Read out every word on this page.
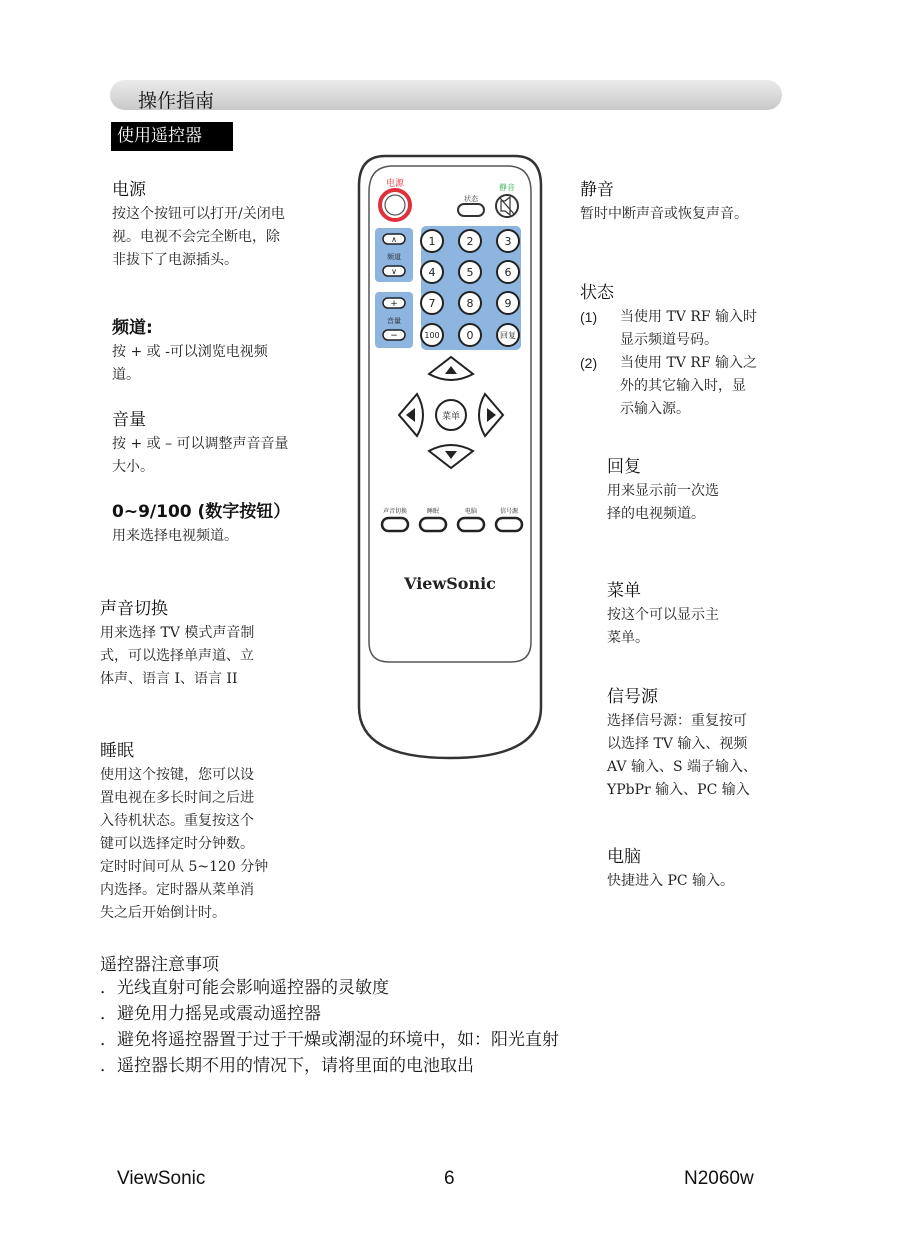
操作指南
使用遥控器
电源
按这个按钮可以打开/关闭电
视。电视不会完全断电，除
非拔下了电源插头。
频道:
按 + 或 -可以浏览电视频
道。
音量
按 + 或 – 可以调整声音音量
大小。
0~9/100 (数字按钮）
用来选择电视频道。
声音切换
用来选择 TV 模式声音制
式，可以选择单声道、立
体声、语言 I、语言 II
睡眠
使用这个按键，您可以设
置电视在多长时间之后进
入待机状态。重复按这个
键可以选择定时分钟数。
定时时间可从 5~120 分钟
内选择。定时器从菜单消
失之后开始倒计时。
静音
暂时中断声音或恢复声音。
状态
(1)	当使用 TV RF 输入时
显示频道号码。
(2)	当使用 TV RF 输入之
外的其它输入时，显
示输入源。
回复
用来显示前一次选
择的电视频道。
菜单
按这个可以显示主
菜单。
信号源
选择信号源：重复按可
以选择 TV 输入、视频
AV 输入、S 端子输入、
YPbPr 输入、PC 输入
电脑
快捷进入 PC 输入。
电源
状态
静音
∧
频道
∨
+
音量
−
1	2	3
4	5	6
7	8	9
100 0	回复
菜单
声音切换	睡眠	电脑	信号源
ViewSonic
遥控器注意事项
．光线直射可能会影响遥控器的灵敏度
．避免用力摇晃或震动遥控器
．避免将遥控器置于过于干燥或潮湿的环境中，如：阳光直射
．遥控器长期不用的情况下，请将里面的电池取出
ViewSonic	6	N2060w
